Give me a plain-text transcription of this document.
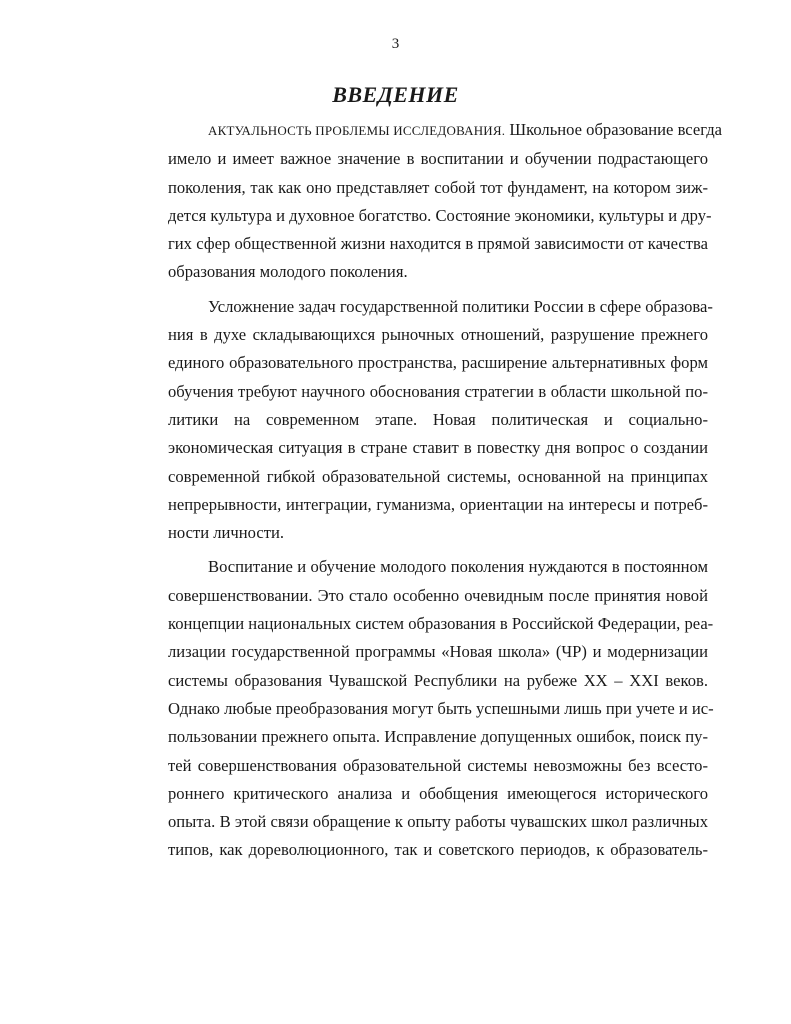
3
ВВЕДЕНИЕ
АКТУАЛЬНОСТЬ ПРОБЛЕМЫ ИССЛЕДОВАНИЯ. Школьное образование всегда
имело и имеет важное значение в воспитании и обучении подрастающего
поколения, так как оно представляет собой тот фундамент, на котором зиж-
дется культура и духовное богатство. Состояние экономики, культуры и дру-
гих сфер общественной жизни находится в прямой зависимости от качества
образования молодого поколения.
Усложнение задач государственной политики России в сфере образова-
ния в духе складывающихся рыночных отношений, разрушение прежнего
единого образовательного пространства, расширение альтернативных форм
обучения требуют научного обоснования стратегии в области школьной по-
литики на современном этапе. Новая политическая и социально-
экономическая ситуация в стране ставит в повестку дня вопрос о создании
современной гибкой образовательной системы, основанной на принципах
непрерывности, интеграции, гуманизма, ориентации на интересы и потреб-
ности личности.
Воспитание и обучение молодого поколения нуждаются в постоянном
совершенствовании. Это стало особенно очевидным после принятия новой
концепции национальных систем образования в Российской Федерации, реа-
лизации государственной программы «Новая школа» (ЧР) и модернизации
системы образования Чувашской Республики на рубеже XX – XXI веков.
Однако любые преобразования могут быть успешными лишь при учете и ис-
пользовании прежнего опыта. Исправление допущенных ошибок, поиск пу-
тей совершенствования образовательной системы невозможны без всесто-
роннего критического анализа и обобщения имеющегося исторического
опыта. В этой связи обращение к опыту работы чувашских школ различных
типов, как дореволюционного, так и советского периодов, к образователь-
